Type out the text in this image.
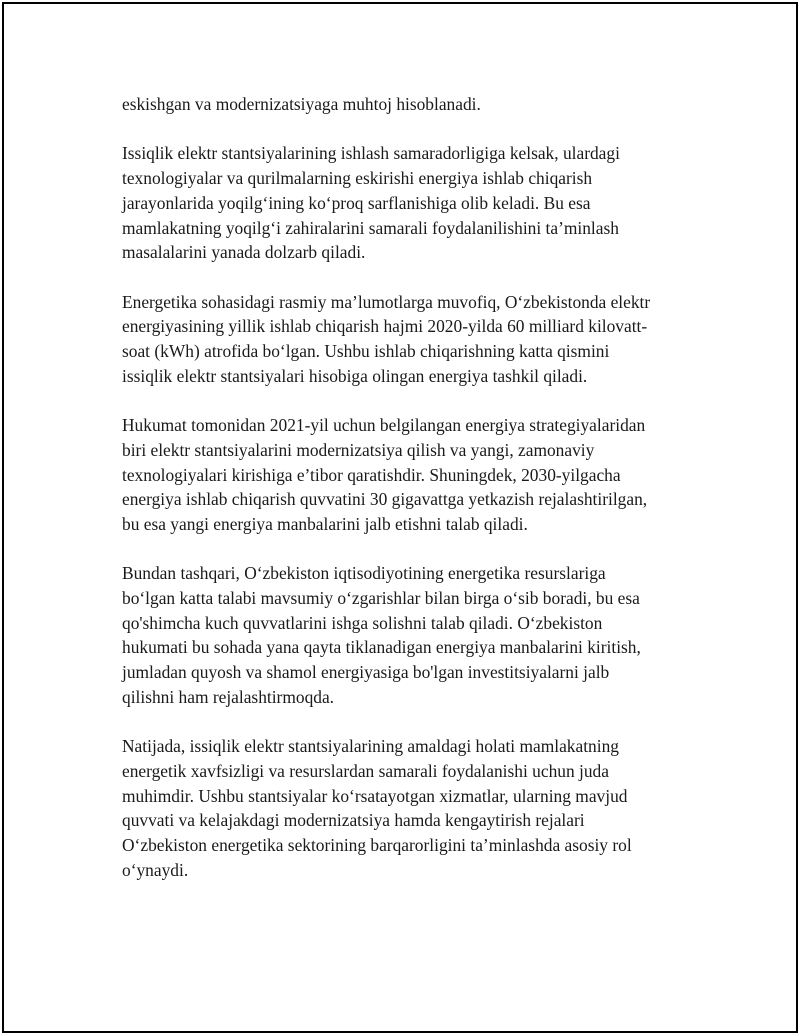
eskishgan va modernizatsiyaga muhtoj hisoblanadi.

Issiqlik elektr stantsiyalarining ishlash samaradorligiga kelsak, ulardagi
texnologiyalar va qurilmalarning eskirishi energiya ishlab chiqarish
jarayonlarida yoqilg‘ining ko‘proq sarflanishiga olib keladi. Bu esa
mamlakatning yoqilg‘i zahiralarini samarali foydalanilishini ta’minlash
masalalarini yanada dolzarb qiladi.

Energetika sohasidagi rasmiy ma’lumotlarga muvofiq, O‘zbekistonda elektr
energiyasining yillik ishlab chiqarish hajmi 2020-yilda 60 milliard kilovatt-
soat (kWh) atrofida bo‘lgan. Ushbu ishlab chiqarishning katta qismini
issiqlik elektr stantsiyalari hisobiga olingan energiya tashkil qiladi.

Hukumat tomonidan 2021-yil uchun belgilangan energiya strategiyalaridan
biri elektr stantsiyalarini modernizatsiya qilish va yangi, zamonaviy
texnologiyalari kirishiga e’tibor qaratishdir. Shuningdek, 2030-yilgacha
energiya ishlab chiqarish quvvatini 30 gigavattga yetkazish rejalashtirilgan,
bu esa yangi energiya manbalarini jalb etishni talab qiladi.

Bundan tashqari, O‘zbekiston iqtisodiyotining energetika resurslariga
bo‘lgan katta talabi mavsumiy o‘zgarishlar bilan birga o‘sib boradi, bu esa
qo'shimcha kuch quvvatlarini ishga solishni talab qiladi. O‘zbekiston
hukumati bu sohada yana qayta tiklanadigan energiya manbalarini kiritish,
jumladan quyosh va shamol energiyasiga bo'lgan investitsiyalarni jalb
qilishni ham rejalashtirmoqda.

Natijada, issiqlik elektr stantsiyalarining amaldagi holati mamlakatning
energetik xavfsizligi va resurslardan samarali foydalanishi uchun juda
muhimdir. Ushbu stantsiyalar ko‘rsatayotgan xizmatlar, ularning mavjud
quvvati va kelajakdagi modernizatsiya hamda kengaytirish rejalari
O‘zbekiston energetika sektorining barqarorligini ta’minlashda asosiy rol
o‘ynaydi.
